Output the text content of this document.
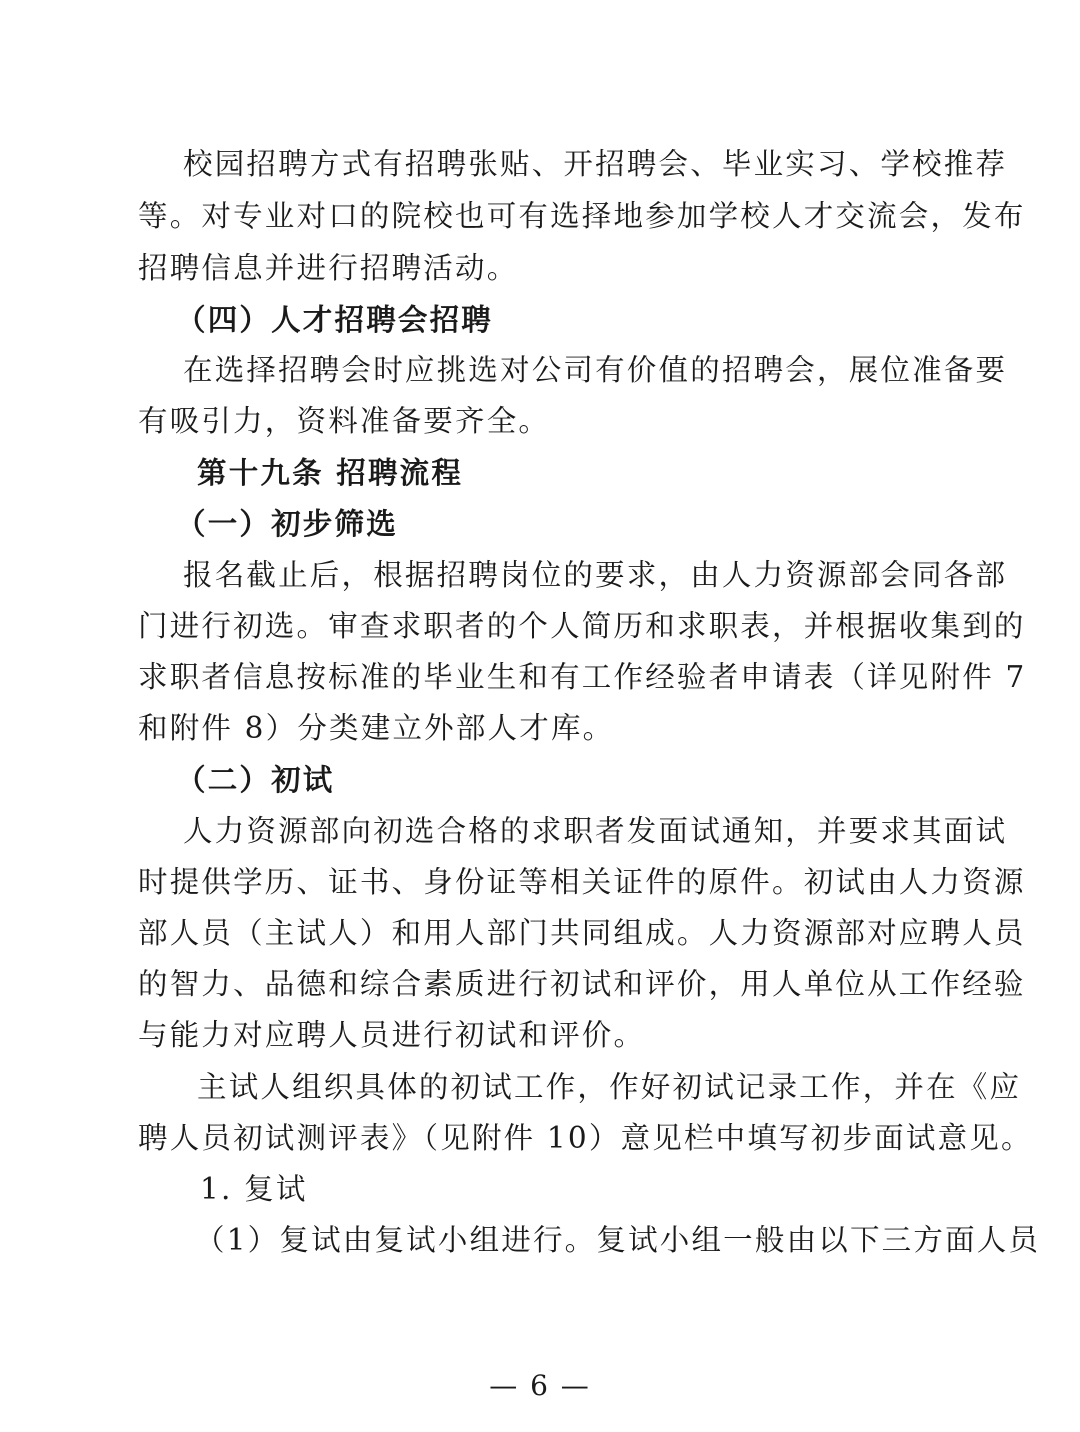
校园招聘方式有招聘张贴、开招聘会、毕业实习、学校推荐
等。对专业对口的院校也可有选择地参加学校人才交流会，发布
招聘信息并进行招聘活动。
（四）人才招聘会招聘
在选择招聘会时应挑选对公司有价值的招聘会，展位准备要
有吸引力，资料准备要齐全。
第十九条 招聘流程
（一）初步筛选
报名截止后，根据招聘岗位的要求，由人力资源部会同各部
门进行初选。审查求职者的个人简历和求职表，并根据收集到的
求职者信息按标准的毕业生和有工作经验者申请表（详见附件 7
和附件 8）分类建立外部人才库。
（二）初试
人力资源部向初选合格的求职者发面试通知，并要求其面试
时提供学历、证书、身份证等相关证件的原件。初试由人力资源
部人员（主试人）和用人部门共同组成。人力资源部对应聘人员
的智力、品德和综合素质进行初试和评价，用人单位从工作经验
与能力对应聘人员进行初试和评价。
主试人组织具体的初试工作，作好初试记录工作，并在《应
聘人员初试测评表》（见附件 10）意见栏中填写初步面试意见。
1. 复试
（1）复试由复试小组进行。复试小组一般由以下三方面人员
— 6 —
